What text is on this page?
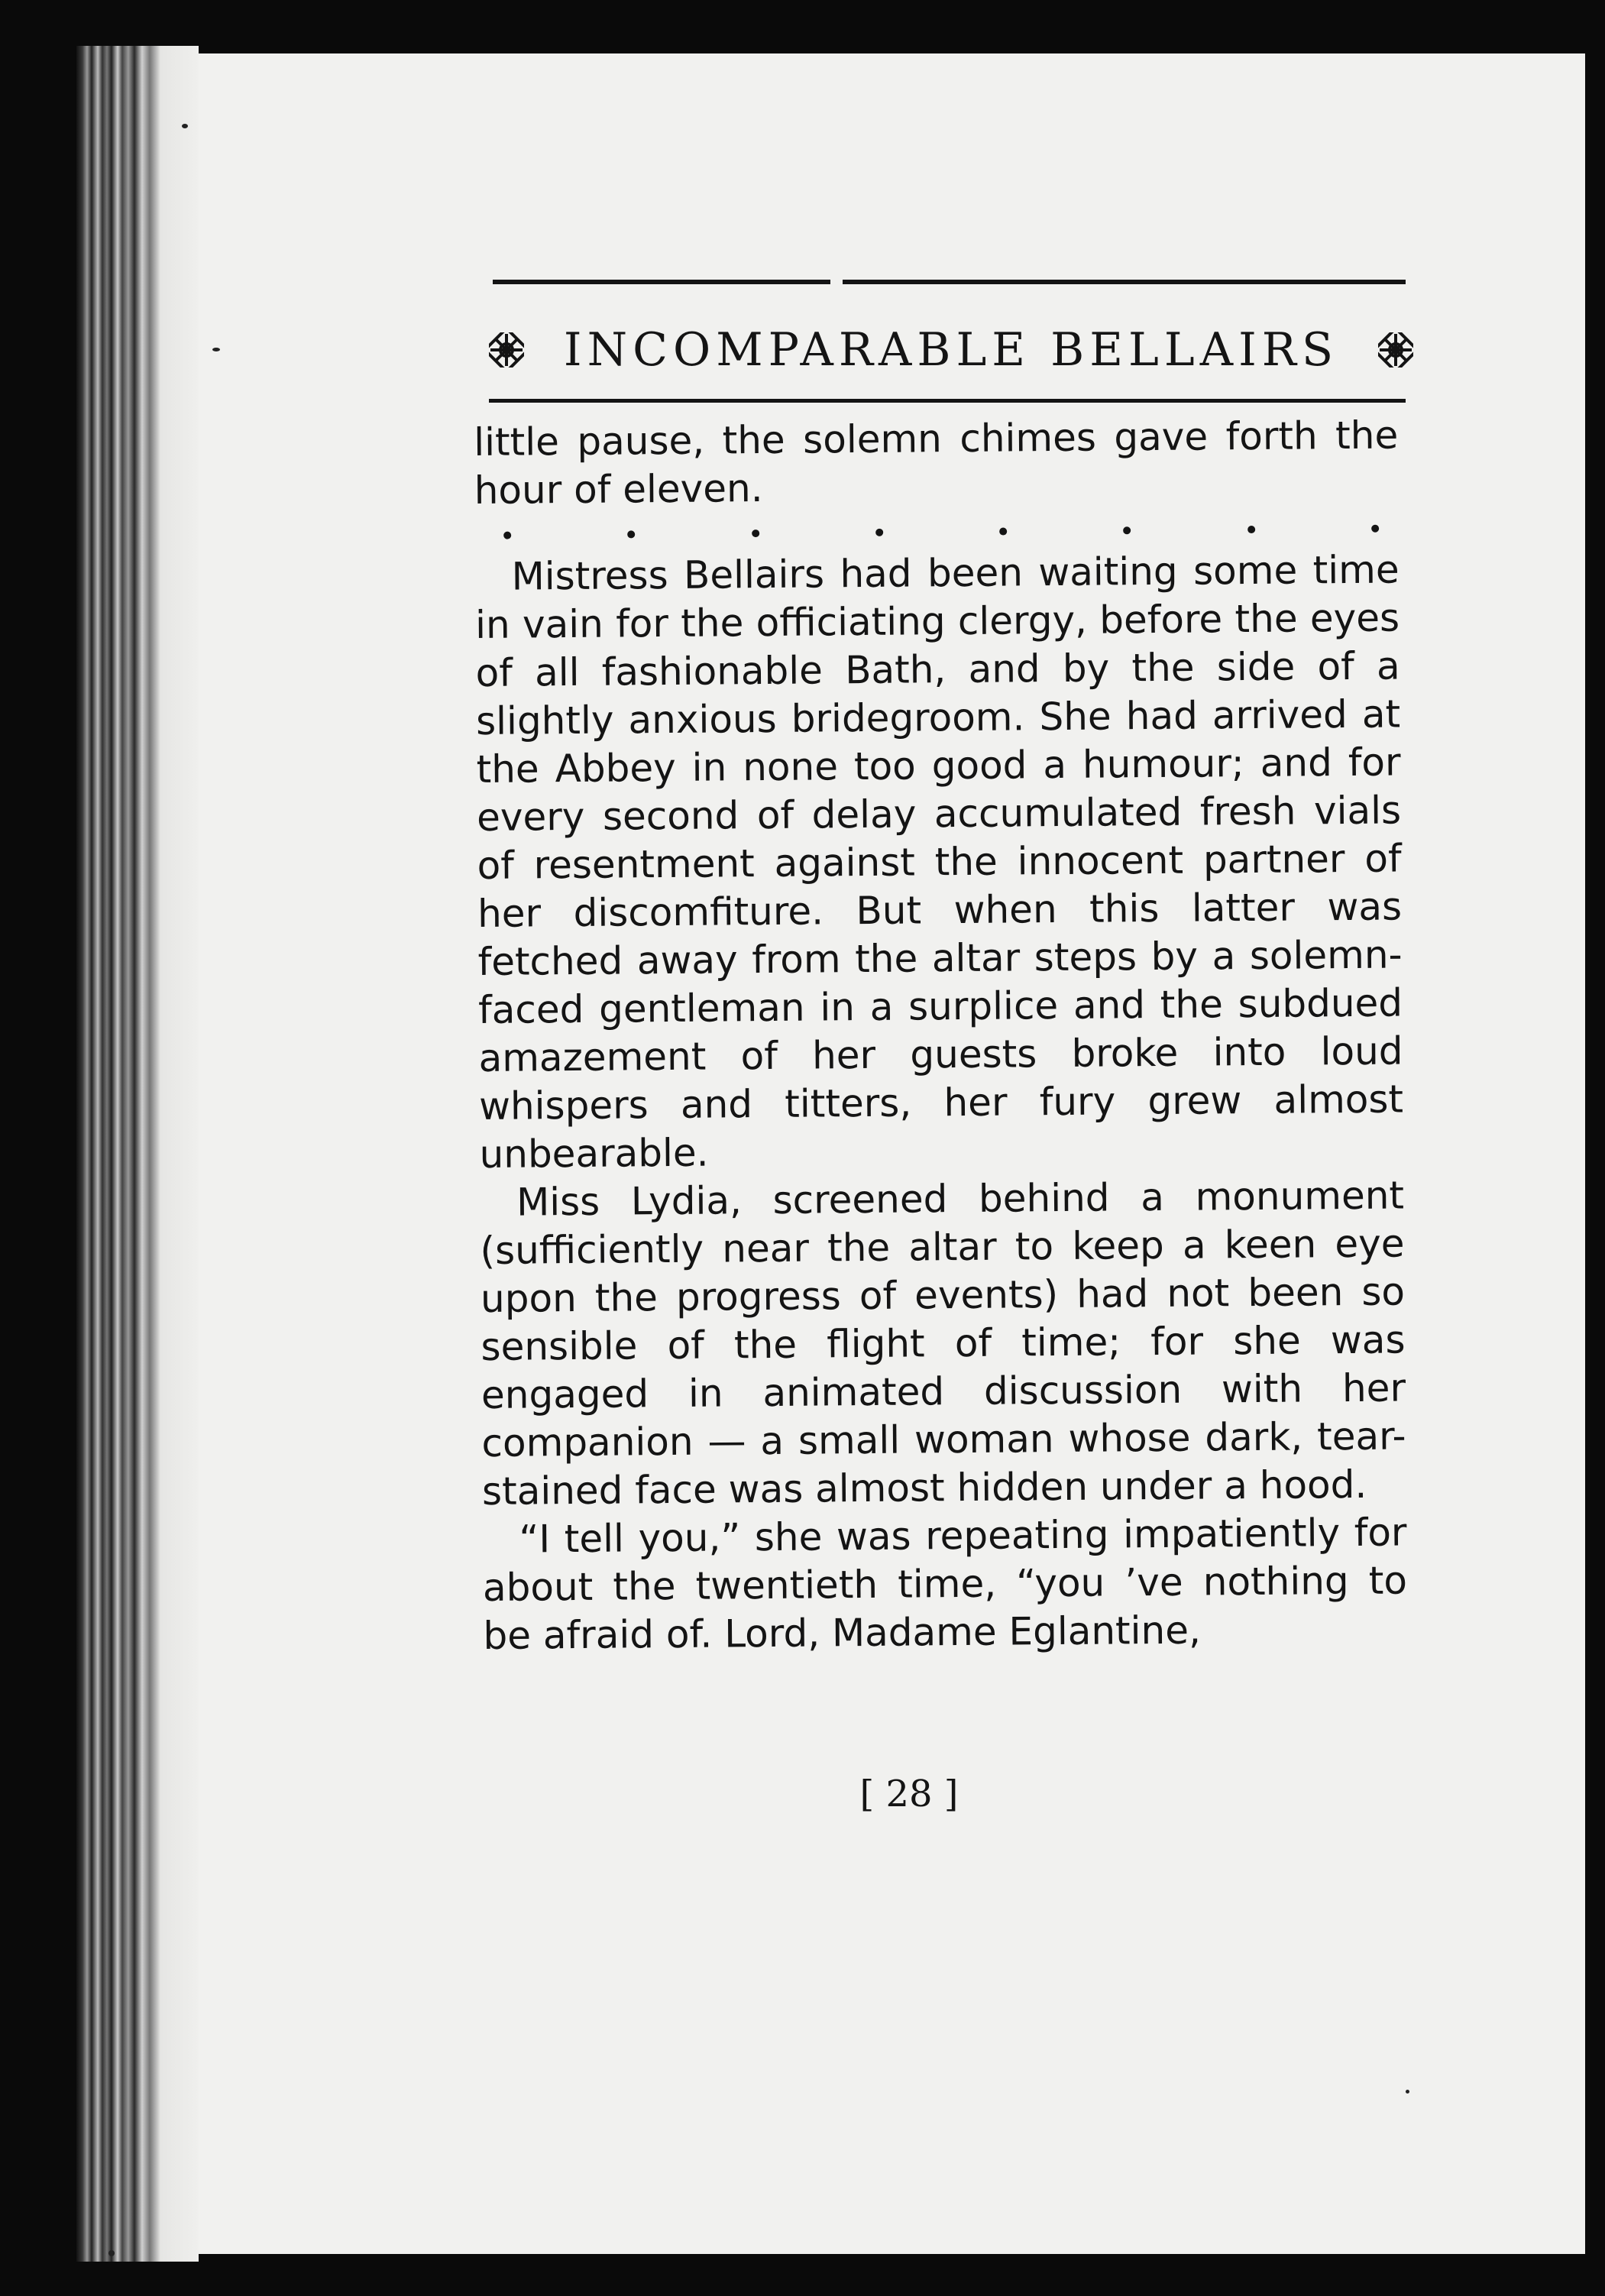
INCOMPARABLE BELLAIRS

little pause, the solemn chimes gave forth the hour of eleven.

Mistress Bellairs had been waiting some time in vain for the officiating clergy, before the eyes of all fashionable Bath, and by the side of a slightly anxious bridegroom. She had arrived at the Abbey in none too good a humour; and for every second of delay accumulated fresh vials of resentment against the innocent partner of her discomfiture. But when this latter was fetched away from the altar steps by a solemn-faced gentleman in a surplice and the subdued amazement of her guests broke into loud whispers and titters, her fury grew almost unbearable.

Miss Lydia, screened behind a monument (sufficiently near the altar to keep a keen eye upon the progress of events) had not been so sensible of the flight of time; for she was engaged in animated discussion with her companion — a small woman whose dark, tear-stained face was almost hidden under a hood.

“I tell you,” she was repeating impatiently for about the twentieth time, “you ’ve nothing to be afraid of. Lord, Madame Eglantine,

[ 28 ]
